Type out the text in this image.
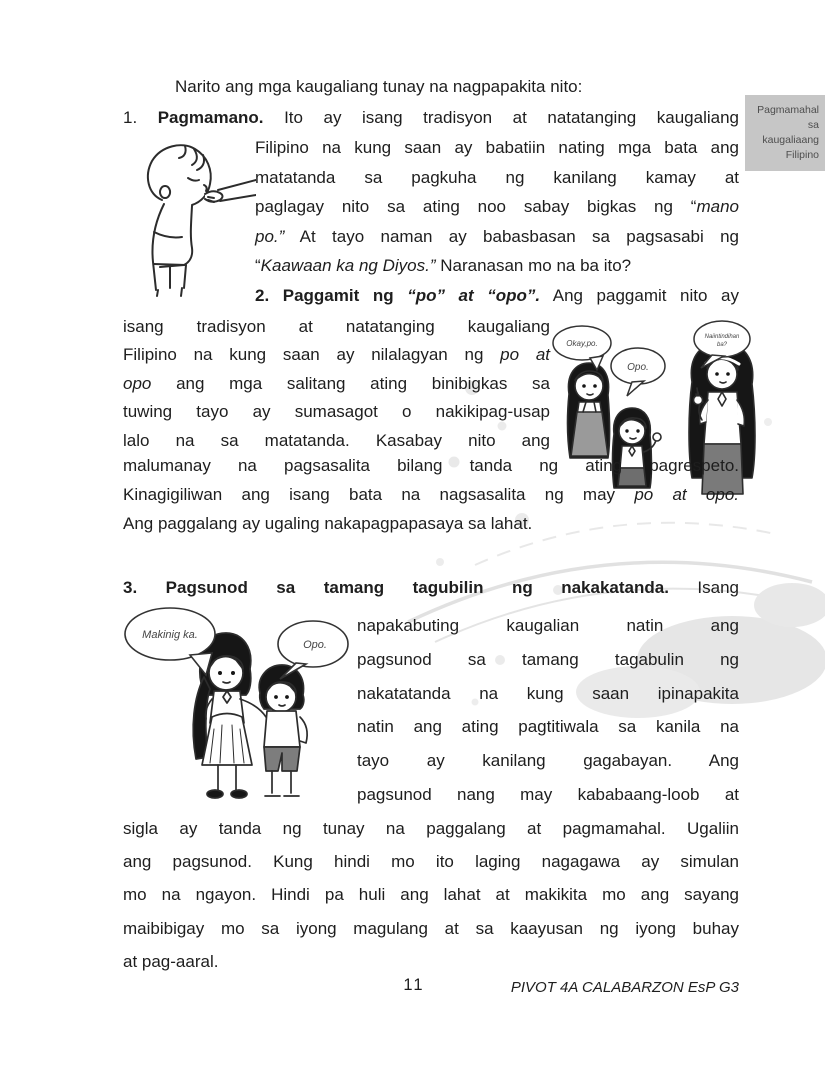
Pagmamahal
sa kaugaliaang
Filipino
Narito ang mga kaugaliang tunay na nagpapakita nito:
1. Pagmamano. Ito ay isang tradisyon at natatanging kaugaliang
Filipino na kung saan ay babatiin nating mga bata ang
matatanda sa pagkuha ng kanilang kamay at
paglagay nito sa ating noo sabay bigkas ng “mano
po.” At tayo naman ay babasbasan sa pagsasabi ng
“Kaawaan ka ng Diyos.” Naranasan mo na ba ito?
2. Paggamit ng “po” at “opo”. Ang paggamit nito ay
isang tradisyon at natatanging kaugaliang
Filipino na kung saan ay nilalagyan ng po at
opo ang mga salitang ating binibigkas sa
tuwing tayo ay sumasagot o nakikipag-usap
lalo na sa matatanda. Kasabay nito ang
malumanay na pagsasalita bilang tanda ng ating pagrespeto.
Kinagigiliwan ang isang bata na nagsasalita ng may po at opo.
Ang paggalang ay ugaling nakapagpapasaya sa lahat.
3. Pagsunod sa tamang tagubilin ng nakakatanda. Isang
napakabuting kaugalian natin ang
pagsunod sa tamang tagabulin ng
nakatatanda na kung saan ipinapakita
natin ang ating pagtitiwala sa kanila na
tayo ay kanilang gagabayan. Ang
pagsunod nang may kababaang-loob at
sigla ay tanda ng tunay na paggalang at pagmamahal. Ugaliin
ang pagsunod. Kung hindi mo ito laging nagagawa ay simulan
mo na ngayon. Hindi pa huli ang lahat at makikita mo ang sayang
maibibigay mo sa iyong magulang at sa kaayusan ng iyong buhay
at pag-aaral.
Okay,po.
Opo.
Naiintindihan
ba?
Makinig ka.
Opo.
11	PIVOT 4A CALABARZON EsP G3
